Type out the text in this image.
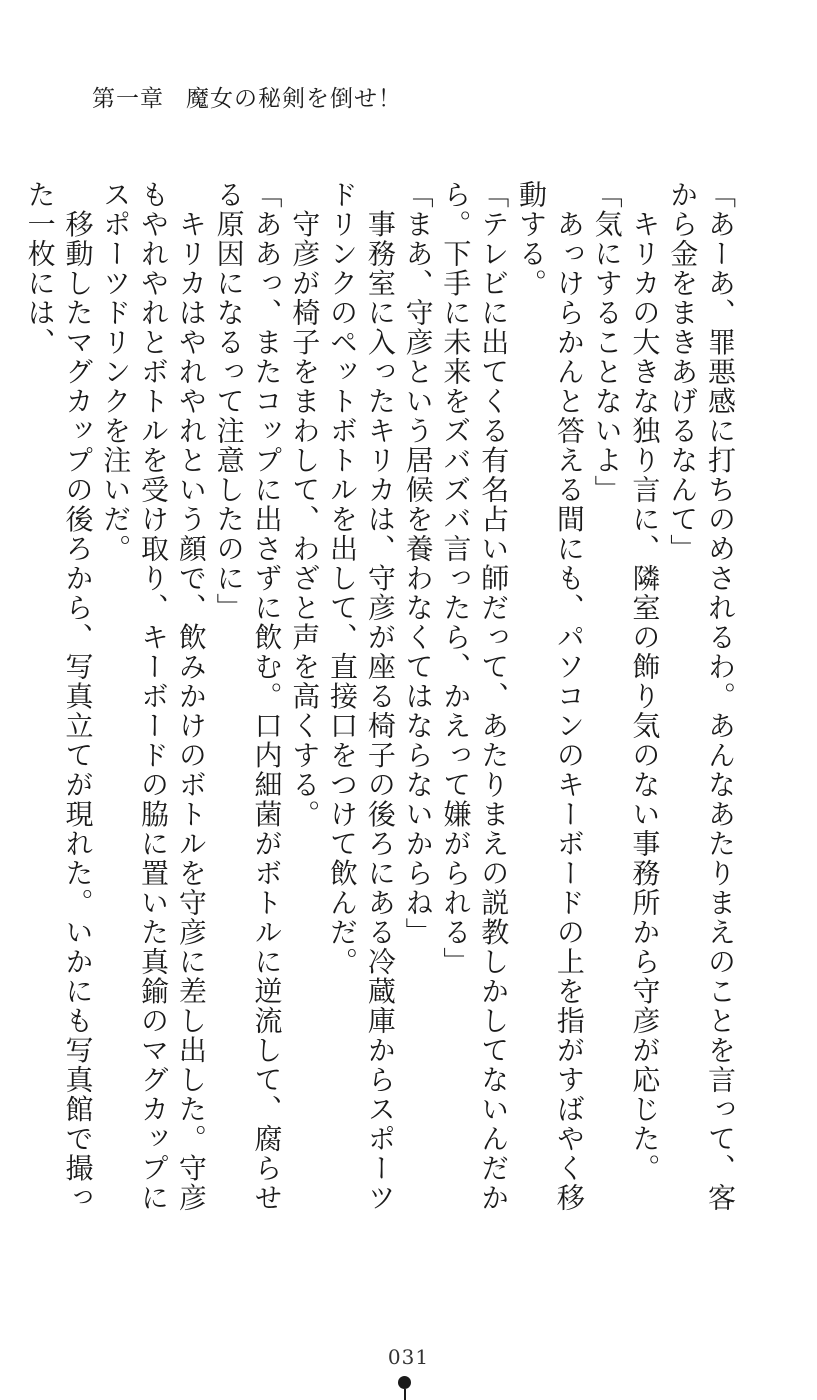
第一章 魔女の秘剣を倒せ！

「あーあ、罪悪感に打ちのめされるわ。あんなあたりまえのことを言って、客から金をまきあげるなんて」

　キリカの大きな独り言に、隣室の飾り気のない事務所から守彦が応じた。

「気にすることないよ」

　あっけらかんと答える間にも、パソコンのキーボードの上を指がすばやく移動する。

「テレビに出てくる有名占い師だって、あたりまえの説教しかしてないんだから。下手に未来をズバズバ言ったら、かえって嫌がられる」

「まあ、守彦という居候を養わなくてはならないからね」

　事務室に入ったキリカは、守彦が座る椅子の後ろにある冷蔵庫からスポーツドリンクのペットボトルを出して、直接口をつけて飲んだ。

　守彦が椅子をまわして、わざと声を高くする。

「ああっ、またコップに出さずに飲む。口内細菌がボトルに逆流して、腐らせる原因になるって注意したのに」

　キリカはやれやれという顔で、飲みかけのボトルを守彦に差し出した。守彦もやれやれとボトルを受け取り、キーボードの脇に置いた真鍮のマグカップにスポーツドリンクを注いだ。

　移動したマグカップの後ろから、写真立てが現れた。いかにも写真館で撮った一枚には、

031
